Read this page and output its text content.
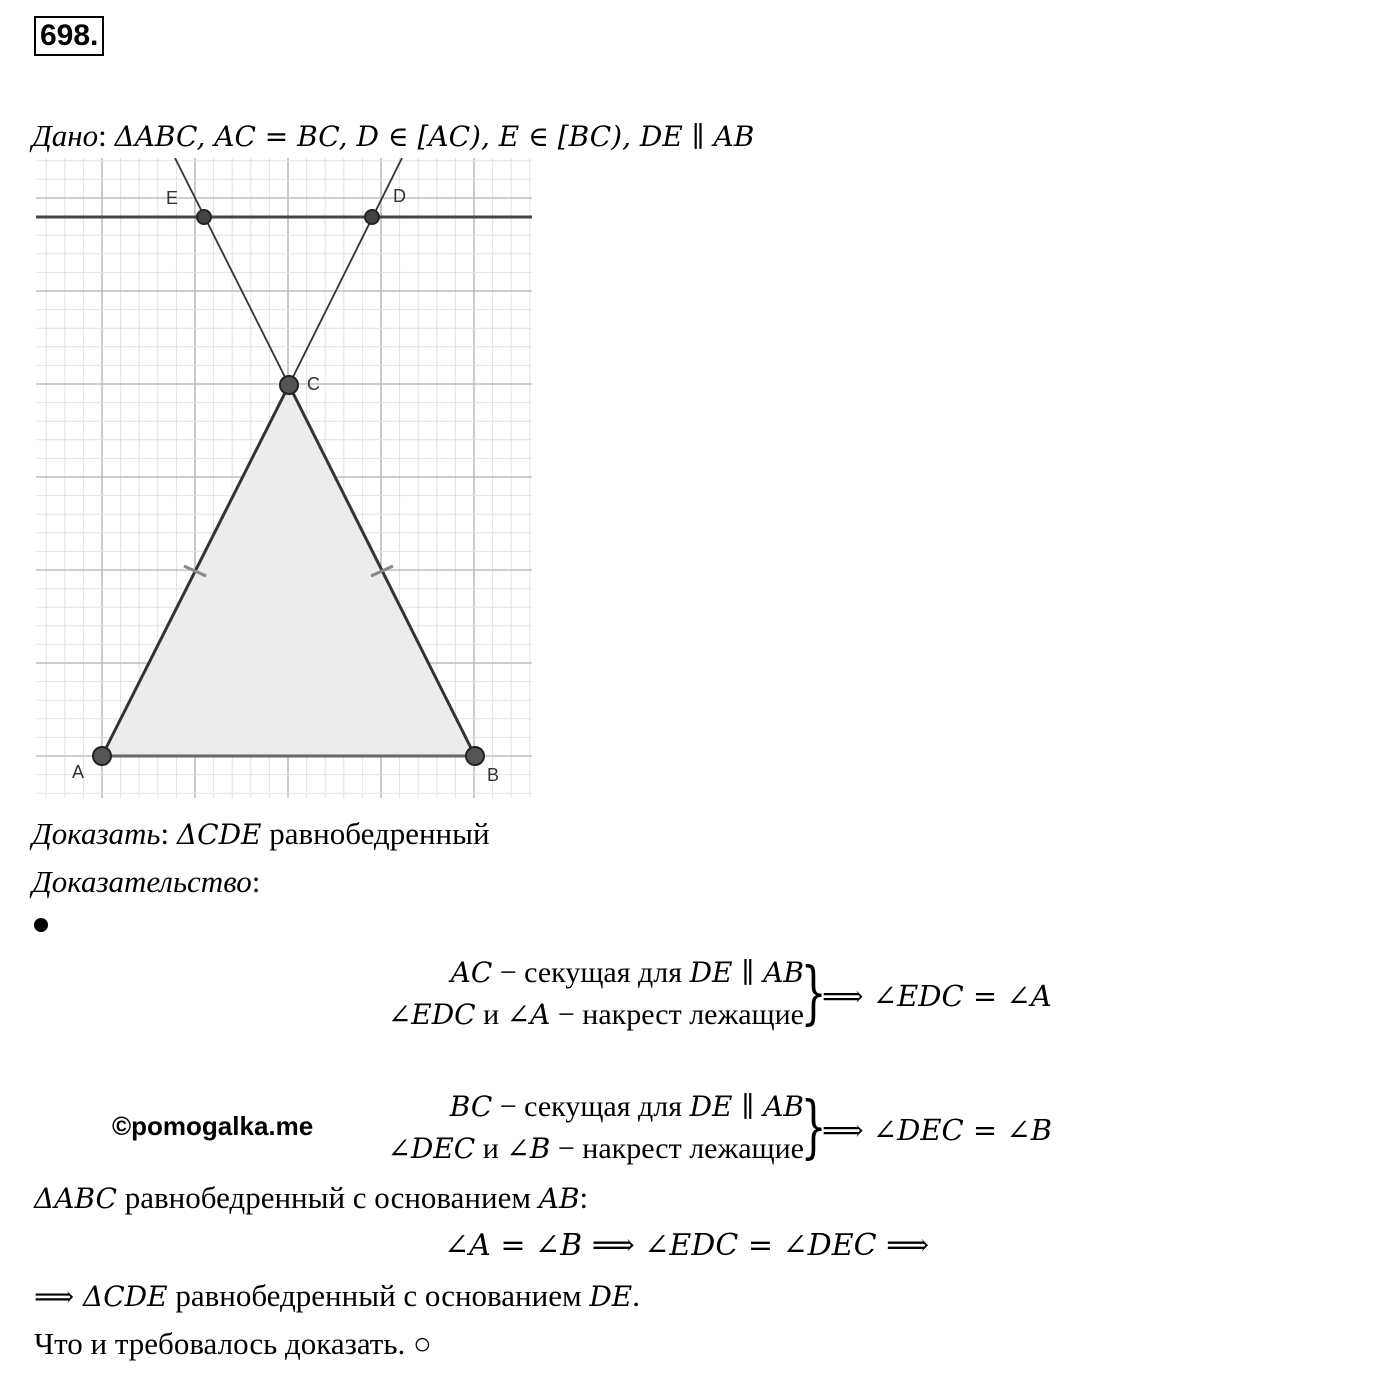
698.
Дано: ΔABC, AC = BC, D ∈ [AC), E ∈ [BC), DE ∥ AB
A	B
C
E	D
Доказать: ΔCDE равнобедренный
Доказательство:
AC − секущая для DE ∥ AB
∠EDC и ∠A − накрест лежащие
}
⟹ ∠EDC = ∠A
BC − секущая для DE ∥ AB
∠DEC и ∠B − накрест лежащие
}
⟹ ∠DEC = ∠B
©pomogalka.me
ΔABC равнобедренный с основанием AB:
∠A = ∠B ⟹ ∠EDC = ∠DEC ⟹
⟹ ΔCDE равнобедренный с основанием DE.
Что и требовалось доказать. ○
